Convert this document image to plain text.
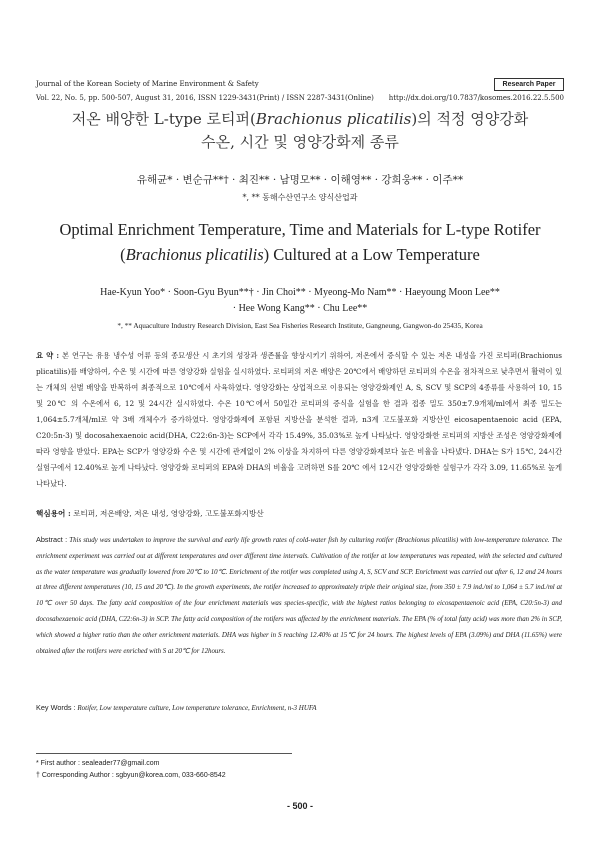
Journal of the Korean Society of Marine Environment & Safety	Research Paper
Vol. 22, No. 5, pp. 500-507, August 31, 2016, ISSN 1229-3431(Print) / ISSN 2287-3431(Online) http://dx.doi.org/10.7837/kosomes.2016.22.5.500
저온 배양한 L-type 로티퍼(Brachionus plicatilis)의 적정 영양강화
수온, 시간 및 영양강화제 종류
유해균* · 변순규**† · 최진** · 남명모** · 이해영** · 강희웅** · 이주**
*, ** 동해수산연구소 양식산업과
Optimal Enrichment Temperature, Time and Materials for L-type Rotifer
(Brachionus plicatilis) Cultured at a Low Temperature
Hae-Kyun Yoo* · Soon-Gyu Byun**† · Jin Choi** · Myeong-Mo Nam** · Haeyoung Moon Lee**
· Hee Wong Kang** · Chu Lee**
*, ** Aquaculture Industry Research Division, East Sea Fisheries Research Institute, Gangneung, Gangwon-do 25435, Korea
요 약 : 본 연구는 유용 냉수성 어류 등의 종묘생산 시 초기의 성장과 생존률을 향상시키기 위하여, 저온에서 증식할 수 있는 저온 내성을 가진 로티퍼(Brachionus plicatilis)를 배양하여, 수온 및 시간에 따른 영양강화 실험을 실시하였다. 로티퍼의 저온 배양은 20℃에서 배양하던 로티퍼의 수온을 점차적으로 낮추면서 활력이 있는 개체의 선별 배양을 반복하여 최종적으로 10℃에서 사육하였다. 영양강화는 상업적으로 이용되는 영양강화제인 A, S, SCV 및 SCP의 4종류를 사용하여 10, 15 및 20℃ 의 수온에서 6, 12 및 24시간 실시하였다. 수온 10℃에서 50일간 로티퍼의 증식을 실험을 한 결과 접종 밀도 350±7.9개체/ml에서 최종 밀도는 1,064±5.7개체/ml로 약 3배 개체수가 증가하였다. 영양강화제에 포함된 지방산을 분석한 결과, n3계 고도불포화 지방산인 eicosapentaenoic acid (EPA, C20:5n-3) 및 docosahexaenoic acid(DHA, C22:6n-3)는 SCP에서 각각 15.49%, 35.03%로 높게 나타났다. 영양강화한 로티퍼의 지방산 조성은 영양강화제에 따라 영향을 받았다. EPA는 SCP가 영양강화 수온 및 시간에 관계없이 2% 이상을 차지하여 다른 영양강화제보다 높은 비율을 나타냈다. DHA는 S가 15℃, 24시간 실험구에서 12.40%로 높게 나타났다. 영양강화 로티퍼의 EPA와 DHA의 비율을 고려하면 S를 20℃ 에서 12시간 영양강화한 실험구가 각각 3.09, 11.65%로 높게 나타났다.
핵심용어 : 로티퍼, 저온배양, 저온 내성, 영양강화, 고도불포화지방산
Abstract : This study was undertaken to improve the survival and early life growth rates of cold-water fish by culturing rotifer (Brachionus plicatilis) with low-temperature tolerance. The enrichment experiment was carried out at different temperatures and over different time intervals. Cultivation of the rotifer at low temperatures was repeated, with the selected and cultured as the water temperature was gradually lowered from 20℃ to 10℃. Enrichment of the rotifer was completed using A, S, SCV and SCP. Enrichment was carried out after 6, 12 and 24 hours at three different temperatures (10, 15 and 20℃). In the growth experiments, the rotifer increased to approximately triple their original size, from 350 ± 7.9 ind./ml to 1,064 ± 5.7 ind./ml at 10℃ over 50 days. The fatty acid composition of the four enrichment materials was species-specific, with the highest ratios belonging to eicosapentaenoic acid (EPA, C20:5n-3) and docosahexaenoic acid (DHA, C22:6n-3) in SCP. The fatty acid composition of the rotifers was affected by the enrichment materials. The EPA (% of total fatty acid) was more than 2% in SCP, which showed a higher ratio than the other enrichment materials. DHA was higher in S reaching 12.40% at 15℃ for 24 hours. The highest levels of EPA (3.09%) and DHA (11.65%) were obtained after the rotifers were enriched with S at 20℃ for 12hours.
Key Words : Rotifer, Low temperature culture, Low temperature tolerance, Enrichment, n-3 HUFA
* First author : sealeader77@gmail.com
† Corresponding Author : sgbyun@korea.com, 033-660-8542
- 500 -
